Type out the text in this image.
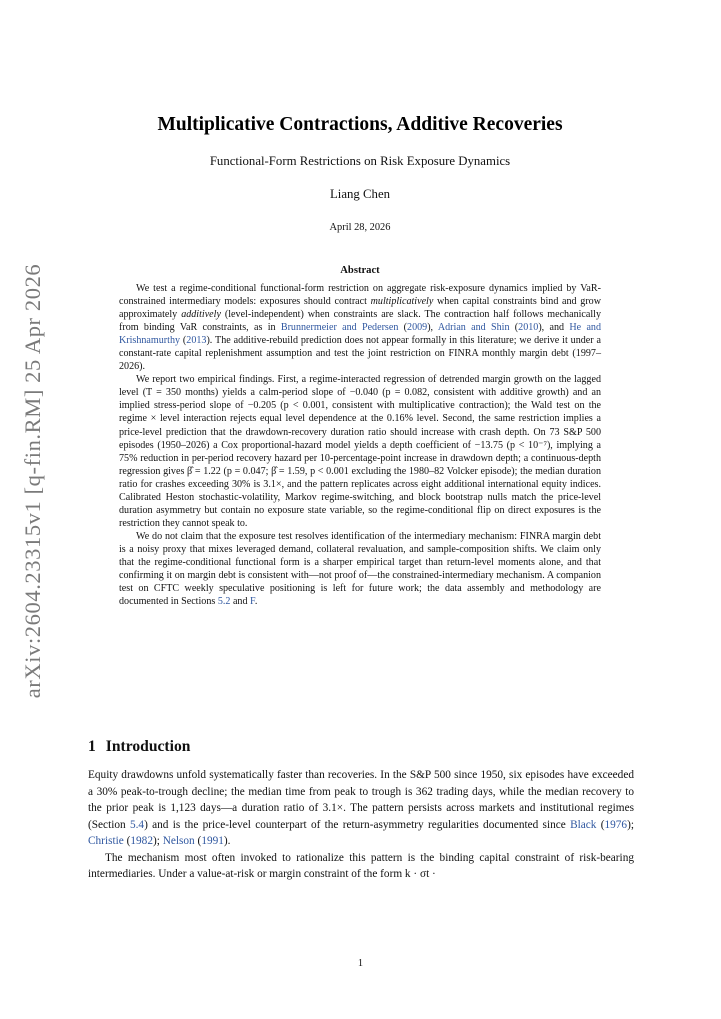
arXiv:2604.23315v1 [q-fin.RM] 25 Apr 2026
Multiplicative Contractions, Additive Recoveries
Functional-Form Restrictions on Risk Exposure Dynamics
Liang Chen
April 28, 2026
Abstract

We test a regime-conditional functional-form restriction on aggregate risk-exposure dynamics implied by VaR-constrained intermediary models: exposures should contract multiplicatively when capital constraints bind and grow approximately additively (level-independent) when constraints are slack. The contraction half follows mechanically from binding VaR constraints, as in Brunnermeier and Pedersen (2009), Adrian and Shin (2010), and He and Krishnamurthy (2013). The additive-rebuild prediction does not appear formally in this literature; we derive it under a constant-rate capital replenishment assumption and test the joint restriction on FINRA monthly margin debt (1997–2026).

We report two empirical findings. First, a regime-interacted regression of detrended margin growth on the lagged level (T = 350 months) yields a calm-period slope of −0.040 (p = 0.082, consistent with additive growth) and an implied stress-period slope of −0.205 (p < 0.001, consistent with multiplicative contraction); the Wald test on the regime × level interaction rejects equal level dependence at the 0.16% level. Second, the same restriction implies a price-level prediction that the drawdown-recovery duration ratio should increase with crash depth. On 73 S&P 500 episodes (1950–2026) a Cox proportional-hazard model yields a depth coefficient of −13.75 (p < 10⁻⁷), implying a 75% reduction in per-period recovery hazard per 10-percentage-point increase in drawdown depth; a continuous-depth regression gives β̂ = 1.22 (p = 0.047; β̂ = 1.59, p < 0.001 excluding the 1980–82 Volcker episode); the median duration ratio for crashes exceeding 30% is 3.1×, and the pattern replicates across eight additional international equity indices. Calibrated Heston stochastic-volatility, Markov regime-switching, and block bootstrap nulls match the price-level duration asymmetry but contain no exposure state variable, so the regime-conditional flip on direct exposures is the restriction they cannot speak to.

We do not claim that the exposure test resolves identification of the intermediary mechanism: FINRA margin debt is a noisy proxy that mixes leveraged demand, collateral revaluation, and sample-composition shifts. We claim only that the regime-conditional functional form is a sharper empirical target than return-level moments alone, and that confirming it on margin debt is consistent with—not proof of—the constrained-intermediary mechanism. A companion test on CFTC weekly speculative positioning is left for future work; the data assembly and methodology are documented in Sections 5.2 and F.

1 Introduction

Equity drawdowns unfold systematically faster than recoveries. In the S&P 500 since 1950, six episodes have exceeded a 30% peak-to-trough decline; the median time from peak to trough is 362 trading days, while the median recovery to the prior peak is 1,123 days—a duration ratio of 3.1×. The pattern persists across markets and institutional regimes (Section 5.4) and is the price-level counterpart of the return-asymmetry regularities documented since Black (1976); Christie (1982); Nelson (1991).

The mechanism most often invoked to rationalize this pattern is the binding capital constraint of risk-bearing intermediaries. Under a value-at-risk or margin constraint of the form k · σt ·

1
